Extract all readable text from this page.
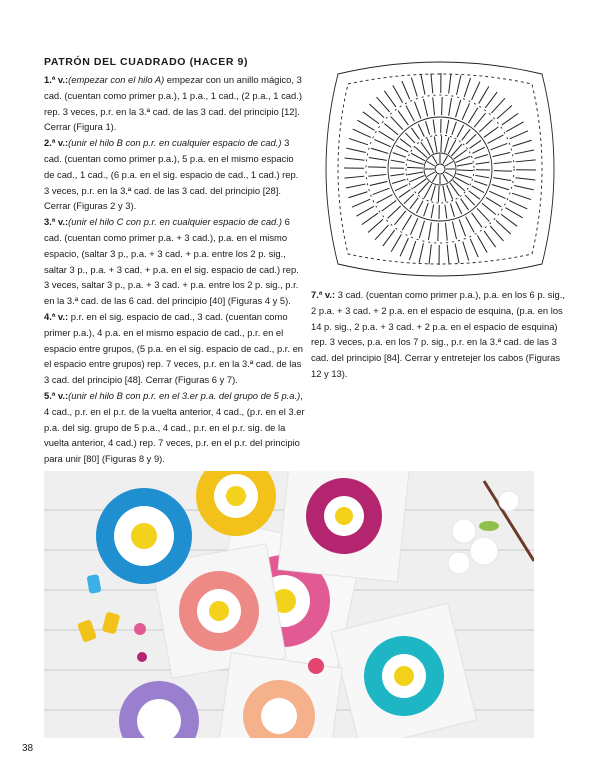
PATRÓN DEL CUADRADO (HACER 9)

1.ª v.:(empezar con el hilo A) empezar con un anillo mágico, 3 cad. (cuentan como primer p.a.), 1 p.a., 1 cad., (2 p.a., 1 cad.) rep. 3 veces, p.r. en la 3.ª cad. de las 3 cad. del principio [12]. Cerrar (Figura 1).

2.ª v.:(unir el hilo B con p.r. en cualquier espacio de cad.) 3 cad. (cuentan como primer p.a.), 5 p.a. en el mismo espacio de cad., 1 cad., (6 p.a. en el sig. espacio de cad., 1 cad.) rep. 3 veces, p.r. en la 3.ª cad. de las 3 cad. del principio [28]. Cerrar (Figuras 2 y 3).

3.ª v.:(unir el hilo C con p.r. en cualquier espacio de cad.) 6 cad. (cuentan como primer p.a. + 3 cad.), p.a. en el mismo espacio, (saltar 3 p., p.a. + 3 cad. + p.a. entre los 2 p. sig., saltar 3 p., p.a. + 3 cad. + p.a. en el sig. espacio de cad.) rep. 3 veces, saltar 3 p., p.a. + 3 cad. + p.a. entre los 2 p. sig., p.r. en la 3.ª cad. de las 6 cad. del principio [40] (Figuras 4 y 5).

4.ª v.: p.r. en el sig. espacio de cad., 3 cad. (cuentan como primer p.a.), 4 p.a. en el mismo espacio de cad., p.r. en el espacio entre grupos, (5 p.a. en el sig. espacio de cad., p.r. en el espacio entre grupos) rep. 7 veces, p.r. en la 3.ª cad. de las 3 cad. del principio [48]. Cerrar (Figuras 6 y 7).

5.ª v.:(unir el hilo B con p.r. en el 3.er p.a. del grupo de 5 p.a.), 4 cad., p.r. en el p.r. de la vuelta anterior, 4 cad., (p.r. en el 3.er p.a. del sig. grupo de 5 p.a., 4 cad., p.r. en el p.r. sig. de la vuelta anterior, 4 cad.) rep. 7 veces, p.r. en el p.r. del principio para unir [80] (Figuras 8 y 9).

7.ª v.: 3 cad. (cuentan como primer p.a.), p.a. en los 6 p. sig., 2 p.a. + 3 cad. + 2 p.a. en el espacio de esquina, (p.a. en los 14 p. sig., 2 p.a. + 3 cad. + 2 p.a. en el espacio de esquina) rep. 3 veces, p.a. en los 7 p. sig., p.r. en la 3.ª cad. de las 3 cad. del principio [84]. Cerrar y entretejer los cabos (Figuras 12 y 13).

38
